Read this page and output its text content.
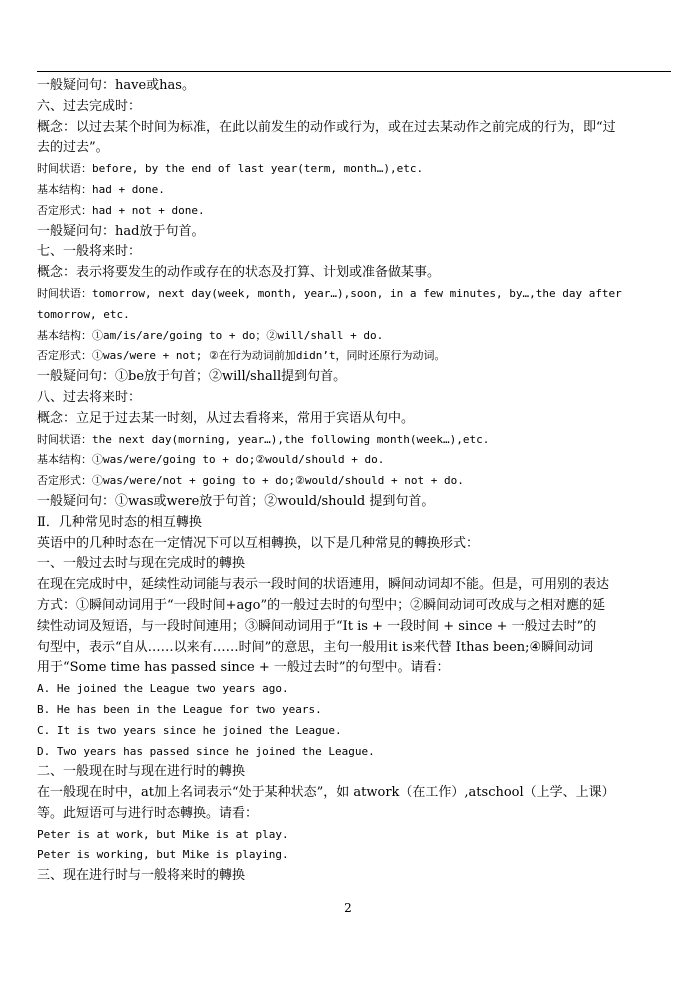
一般疑问句：have或has。
六、过去完成时：
概念：以过去某个时间为标准，在此以前发生的动作或行为，或在过去某动作之前完成的行为，即“过
去的过去”。
时间状语：before, by the end of last year(term, month…),etc.
基本结构：had + done.
否定形式：had + not + done.
一般疑问句：had放于句首。
七、一般将来时：
概念：表示将要发生的动作或存在的状态及打算、计划或准备做某事。
时间状语：tomorrow, next day(week, month, year…),soon, in a few minutes, by…,the day after
tomorrow, etc.
基本结构：①am/is/are/going to + do；②will/shall + do.
否定形式：①was/were + not; ②在行为动词前加didn’t，同时还原行为动词。
一般疑问句：①be放于句首；②will/shall提到句首。
八、过去将来时：
概念：立足于过去某一时刻，从过去看将来，常用于宾语从句中。
时间状语：the next day(morning, year…),the following month(week…),etc.
基本结构：①was/were/going to + do;②would/should + do.
否定形式：①was/were/not + going to + do;②would/should + not + do.
一般疑问句：①was或were放于句首；②would/should 提到句首。
Ⅱ．几种常见时态的相互轉换
英语中的几种时态在一定情况下可以互相轉换，以下是几种常見的轉换形式：
一、一般过去时与现在完成时的轉换
在现在完成时中，延续性动词能与表示一段时间的状语連用，瞬间动词却不能。但是，可用别的表达
方式：①瞬间动词用于“一段时间+ago”的一般过去时的句型中；②瞬间动词可改成与之相对應的延
续性动词及短语，与一段时间連用；③瞬间动词用于“It is + 一段时间 + since + 一般过去时”的
句型中，表示“自从……以来有……时间”的意思，主句一般用it is来代替 Ithas been;④瞬间动词
用于“Some time has passed since + 一般过去时”的句型中。请看：
A. He joined the League two years ago.
B. He has been in the League for two years.
C. It is two years since he joined the League.
D. Two years has passed since he joined the League.
二、一般现在时与现在进行时的轉换
在一般现在时中，at加上名词表示“处于某种状态”，如 atwork（在工作）,atschool（上学、上课）
等。此短语可与进行时态轉换。请看：
Peter is at work, but Mike is at play.
Peter is working, but Mike is playing.
三、现在进行时与一般将来时的轉换
2
